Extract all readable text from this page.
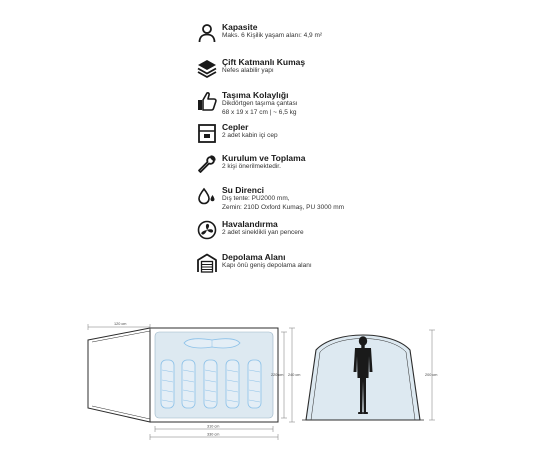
Kapasite
Maks. 6 Kişilik yaşam alanı: 4,9 m²
Çift Katmanlı Kumaş
Nefes alabilir yapı
Taşıma Kolaylığı
Dikdörtgen taşıma çantası
68 x 19 x 17 cm | ~ 6,5 kg
Cepler
2 adet kabin içi cep
Kurulum ve Toplama
2 kişi önerilmektedir.
Su Direnci
Dış tente: PU2000 mm,
Zemin: 210D Oxford Kumaş, PU 3000 mm
Havalandırma
2 adet sineklikli yan pencere
Depolama Alanı
Kapı önü geniş depolama alanı
120 cm
310 cm
330 cm
220 cm 240 cm	200 cm
